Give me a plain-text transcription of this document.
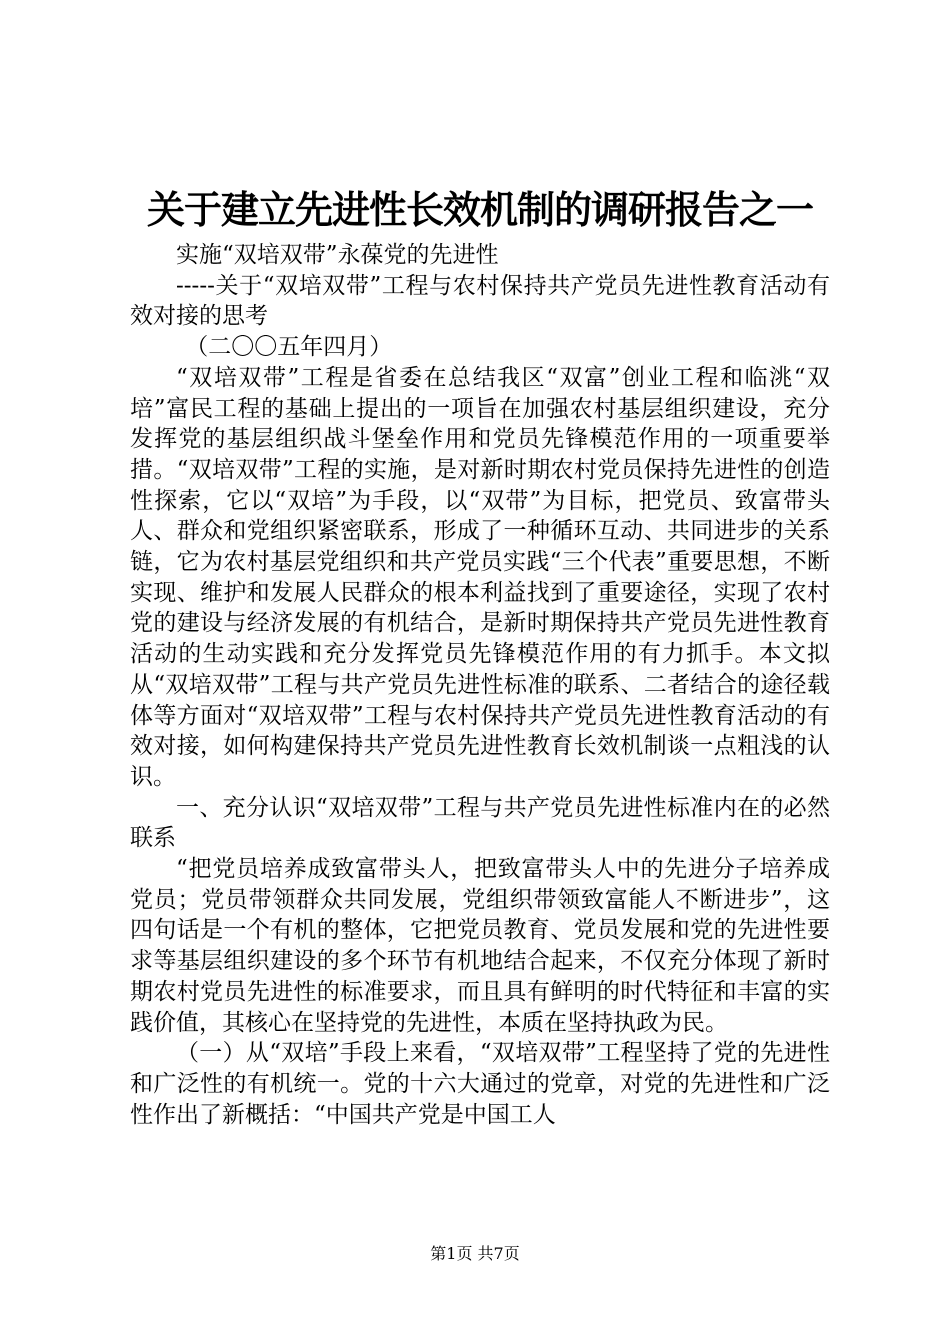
关于建立先进性长效机制的调研报告之一

实施“双培双带”永葆党的先进性

-----关于“双培双带”工程与农村保持共产党员先进性教育活动有效对接的思考

（二〇〇五年四月）

“双培双带”工程是省委在总结我区“双富”创业工程和临洮“双培”富民工程的基础上提出的一项旨在加强农村基层组织建设，充分发挥党的基层组织战斗堡垒作用和党员先锋模范作用的一项重要举措。“双培双带”工程的实施，是对新时期农村党员保持先进性的创造性探索，它以“双培”为手段，以“双带”为目标，把党员、致富带头人、群众和党组织紧密联系，形成了一种循环互动、共同进步的关系链，它为农村基层党组织和共产党员实践“三个代表”重要思想，不断实现、维护和发展人民群众的根本利益找到了重要途径，实现了农村党的建设与经济发展的有机结合，是新时期保持共产党员先进性教育活动的生动实践和充分发挥党员先锋模范作用的有力抓手。本文拟从“双培双带”工程与共产党员先进性标准的联系、二者结合的途径载体等方面对“双培双带”工程与农村保持共产党员先进性教育活动的有效对接，如何构建保持共产党员先进性教育长效机制谈一点粗浅的认识。

一、充分认识“双培双带”工程与共产党员先进性标准内在的必然联系

“把党员培养成致富带头人，把致富带头人中的先进分子培养成党员；党员带领群众共同发展，党组织带领致富能人不断进步”，这四句话是一个有机的整体，它把党员教育、党员发展和党的先进性要求等基层组织建设的多个环节有机地结合起来，不仅充分体现了新时期农村党员先进性的标准要求，而且具有鲜明的时代特征和丰富的实践价值，其核心在坚持党的先进性，本质在坚持执政为民。

（一）从“双培”手段上来看，“双培双带”工程坚持了党的先进性和广泛性的有机统一。党的十六大通过的党章，对党的先进性和广泛性作出了新概括：“中国共产党是中国工人

第1页 共7页
